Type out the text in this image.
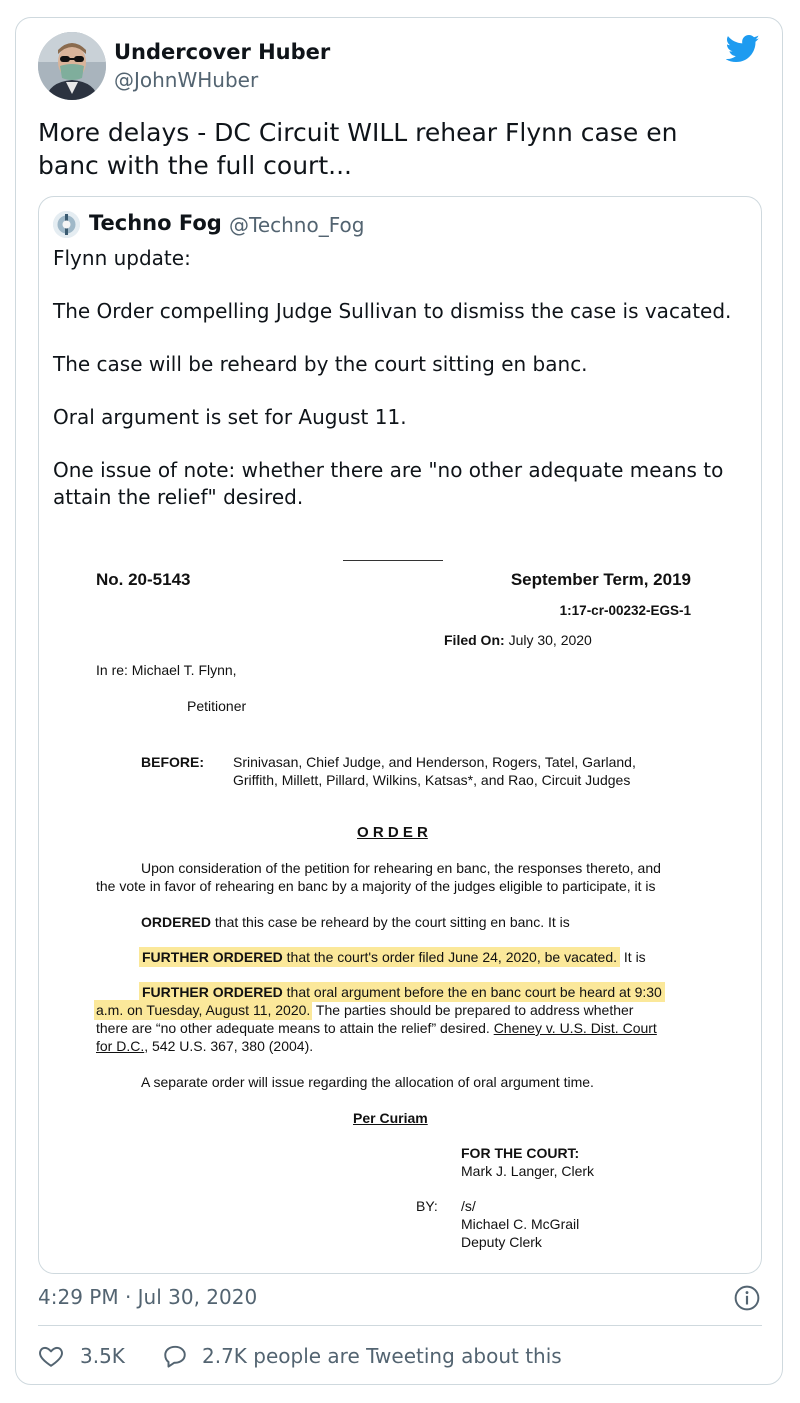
Undercover Huber
@JohnWHuber
More delays - DC Circuit WILL rehear Flynn case en
banc with the full court...
Techno Fog @Techno_Fog

Flynn update:

The Order compelling Judge Sullivan to dismiss the case is vacated.

The case will be reheard by the court sitting en banc.

Oral argument is set for August 11.

One issue of note: whether there are "no other adequate means to attain the relief" desired.

No. 20-5143	September Term, 2019
1:17-cr-00232-EGS-1
Filed On: July 30, 2020
In re: Michael T. Flynn,
Petitioner
BEFORE: Srinivasan, Chief Judge, and Henderson, Rogers, Tatel, Garland,
Griffith, Millett, Pillard, Wilkins, Katsas*, and Rao, Circuit Judges
O R D E R
Upon consideration of the petition for rehearing en banc, the responses thereto, and
the vote in favor of rehearing en banc by a majority of the judges eligible to participate, it is
ORDERED that this case be reheard by the court sitting en banc. It is
FURTHER ORDERED that the court's order filed June 24, 2020, be vacated. It is
FURTHER ORDERED that oral argument before the en banc court be heard at 9:30
a.m. on Tuesday, August 11, 2020. The parties should be prepared to address whether
there are “no other adequate means to attain the relief” desired. Cheney v. U.S. Dist. Court
for D.C., 542 U.S. 367, 380 (2004).
A separate order will issue regarding the allocation of oral argument time.
Per Curiam
FOR THE COURT:
Mark J. Langer, Clerk
BY: /s/
Michael C. McGrail
Deputy Clerk
4:29 PM · Jul 30, 2020
3.5K	2.7K people are Tweeting about this
